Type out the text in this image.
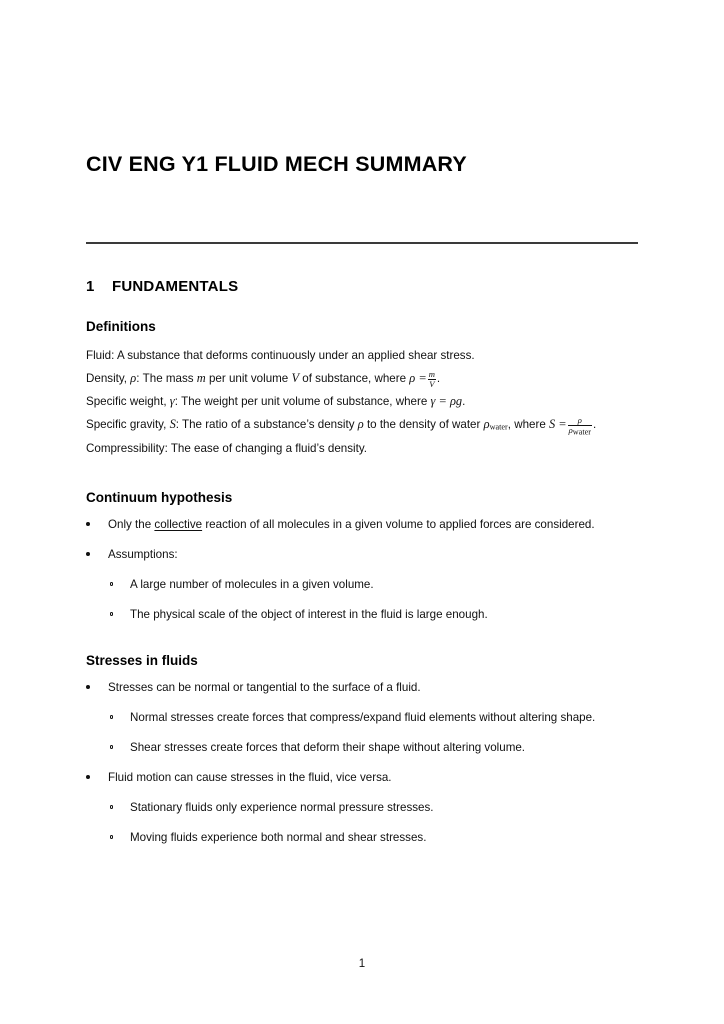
CIV ENG Y1 FLUID MECH SUMMARY
1 FUNDAMENTALS
Definitions

Fluid: A substance that deforms continuously under an applied shear stress.

Density, ρ: The mass m per unit volume V of substance, where $\rho = \frac{m}{V}$ .

Specific weight, γ: The weight per unit volume of substance, where γ = ρg.

Specific gravity, S: The ratio of a substance’s density ρ to the density of water ρwater, where $S = \frac{\rho}{\text{ρwater}}$ .

Compressibility: The ease of changing a fluid’s density.

Continuum hypothesis
Only the collective reaction of all molecules in a given volume to applied forces are considered.
Assumptions:
A large number of molecules in a given volume.
The physical scale of the object of interest in the fluid is large enough.
Stresses in fluids
Stresses can be normal or tangential to the surface of a fluid.
Normal stresses create forces that compress/expand fluid elements without altering shape.
Shear stresses create forces that deform their shape without altering volume.
Fluid motion can cause stresses in the fluid, vice versa.
Stationary fluids only experience normal pressure stresses.
Moving fluids experience both normal and shear stresses.
1
